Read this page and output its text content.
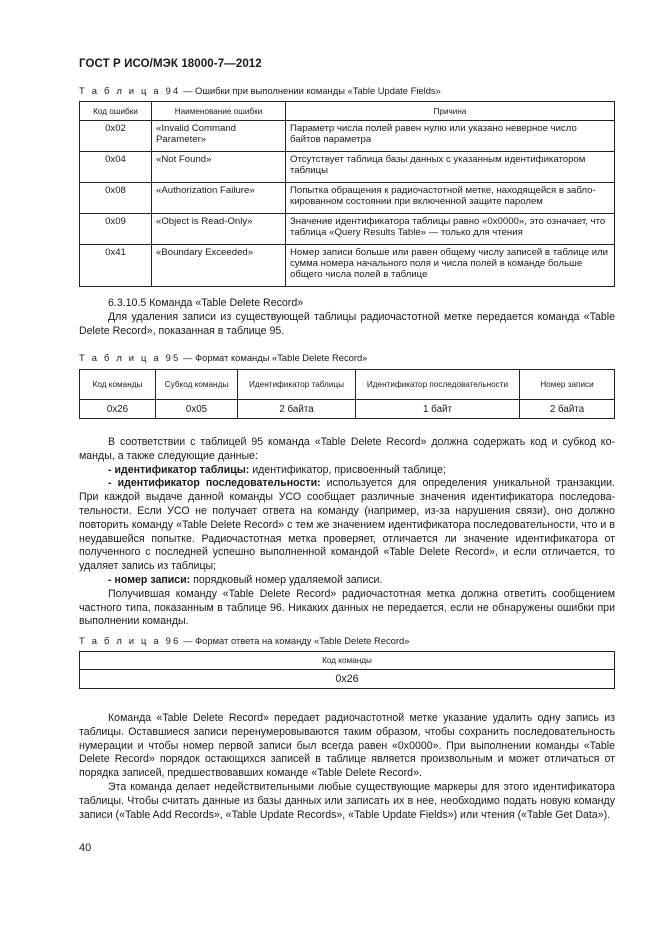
ГОСТ Р ИСО/МЭК 18000-7—2012
Т а б л и ц а 94 — Ошибки при выполнении команды «Table Update Fields»
Код ошибки	Наименование ошибки	Причина
0x02	«Invalid Command Parameter»	Параметр числа полей равен нулю или указано неверное число байтов параметра
0x04	«Not Found»	Отсутствует таблица базы данных с указанным идентификатором таблицы
0x08	«Authorization Failure»	Попытка обращения к радиочастотной метке, находящейся в заблокированном состоянии при включенной защите паролем
0x09	«Object is Read-Only»	Значение идентификатора таблицы равно «0x0000», это означает, что таблица «Query Results Table» — только для чтения
0x41	«Boundary Exceeded»	Номер записи больше или равен общему числу записей в таблице или сумма номера начального поля и числа полей в команде больше общего числа полей в таблице

6.3.10.5 Команда «Table Delete Record»

Для удаления записи из существующей таблицы радиочастотной метке передается команда «Table Delete Record», показанная в таблице 95.

Т а б л и ц а 95 — Формат команды «Table Delete Record»
Код команды	Субкод команды	Идентификатор таблицы	Идентификатор последовательности	Номер записи
0x26	0x05	2 байта	1 байт	2 байта

В соответствии с таблицей 95 команда «Table Delete Record» должна содержать код и субкод команды, а также следующие данные:

- идентификатор таблицы: идентификатор, присвоенный таблице;

- идентификатор последовательности: используется для определения уникальной транзакции. При каждой выдаче данной команды УСО сообщает различные значения идентификатора последовательности. Если УСО не получает ответа на команду (например, из-за нарушения связи), оно должно повторить команду «Table Delete Record» с тем же значением идентификатора последовательности, что и в неудавшейся попытке. Радиочастотная метка проверяет, отличается ли значение идентификатора от полученного с последней успешно выполненной командой «Table Delete Record», и если отличается, то удаляет запись из таблицы;

- номер записи: порядковый номер удаляемой записи.

Получившая команду «Table Delete Record» радиочастотная метка должна ответить сообщением частного типа, показанным в таблице 96. Никаких данных не передается, если не обнаружены ошибки при выполнении команды.

Т а б л и ц а 96 — Формат ответа на команду «Table Delete Record»
Код команды
0x26

Команда «Table Delete Record» передает радиочастотной метке указание удалить одну запись из таблицы. Оставшиеся записи перенумеровываются таким образом, чтобы сохранить последовательность нумерации и чтобы номер первой записи был всегда равен «0x0000». При выполнении команды «Table Delete Record» порядок остающихся записей в таблице является произвольным и может отличаться от порядка записей, предшествовавших команде «Table Delete Record».

Эта команда делает недействительными любые существующие маркеры для этого идентификатора таблицы. Чтобы считать данные из базы данных или записать их в нее, необходимо подать новую команду записи («Table Add Records», «Table Update Records», «Table Update Fields») или чтения («Table Get Data»).

40
